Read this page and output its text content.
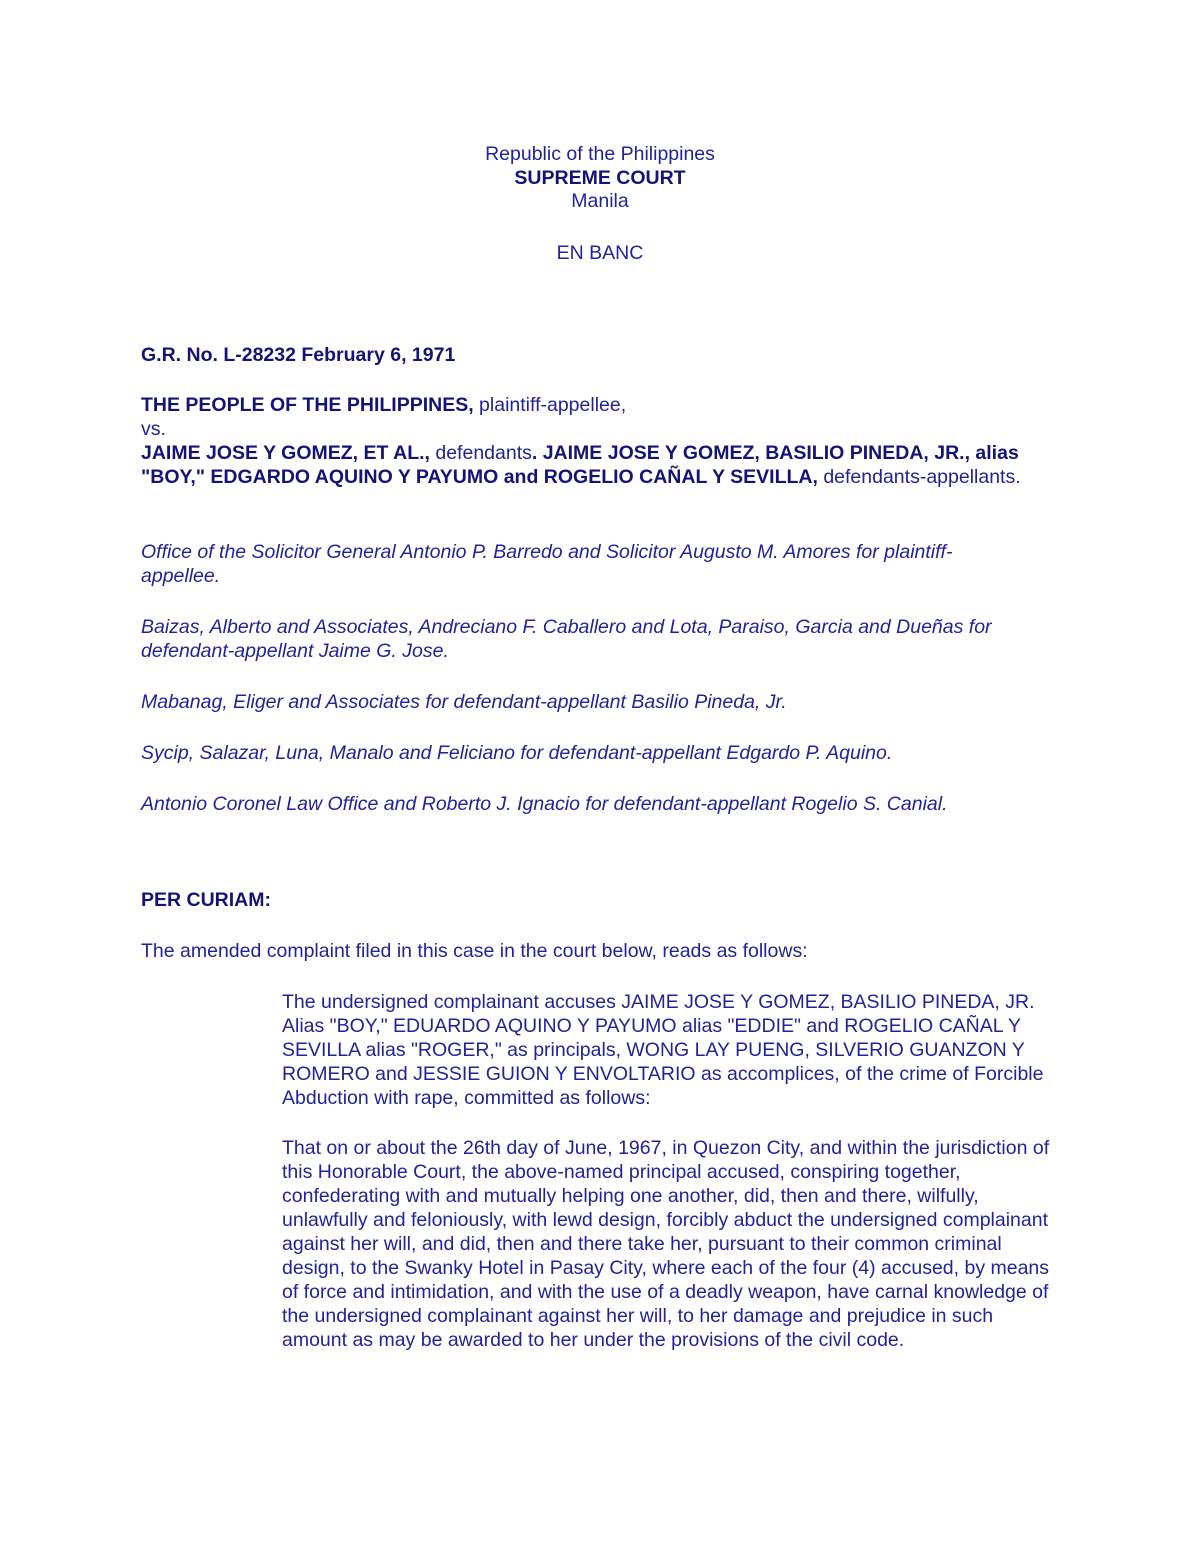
Republic of the Philippines
SUPREME COURT
Manila
EN BANC
G.R. No. L-28232 February 6, 1971

THE PEOPLE OF THE PHILIPPINES, plaintiff-appellee,

vs.

JAIME JOSE Y GOMEZ, ET AL., defendants. JAIME JOSE Y GOMEZ, BASILIO PINEDA, JR., alias "BOY," EDGARDO AQUINO Y PAYUMO and ROGELIO CAÑAL Y SEVILLA, defendants-appellants.

Office of the Solicitor General Antonio P. Barredo and Solicitor Augusto M. Amores for plaintiff-appellee.
Baizas, Alberto and Associates, Andreciano F. Caballero and Lota, Paraiso, Garcia and Dueñas for defendant-appellant Jaime G. Jose.
Mabanag, Eliger and Associates for defendant-appellant Basilio Pineda, Jr.
Sycip, Salazar, Luna, Manalo and Feliciano for defendant-appellant Edgardo P. Aquino.
Antonio Coronel Law Office and Roberto J. Ignacio for defendant-appellant Rogelio S. Canial.
PER CURIAM:
The amended complaint filed in this case in the court below, reads as follows:
The undersigned complainant accuses JAIME JOSE Y GOMEZ, BASILIO PINEDA, JR. Alias "BOY," EDUARDO AQUINO Y PAYUMO alias "EDDIE" and ROGELIO CAÑAL Y SEVILLA alias "ROGER," as principals, WONG LAY PUENG, SILVERIO GUANZON Y ROMERO and JESSIE GUION Y ENVOLTARIO as accomplices, of the crime of Forcible Abduction with rape, committed as follows:
That on or about the 26th day of June, 1967, in Quezon City, and within the jurisdiction of this Honorable Court, the above-named principal accused, conspiring together, confederating with and mutually helping one another, did, then and there, wilfully, unlawfully and feloniously, with lewd design, forcibly abduct the undersigned complainant against her will, and did, then and there take her, pursuant to their common criminal design, to the Swanky Hotel in Pasay City, where each of the four (4) accused, by means of force and intimidation, and with the use of a deadly weapon, have carnal knowledge of the undersigned complainant against her will, to her damage and prejudice in such amount as may be awarded to her under the provisions of the civil code.
